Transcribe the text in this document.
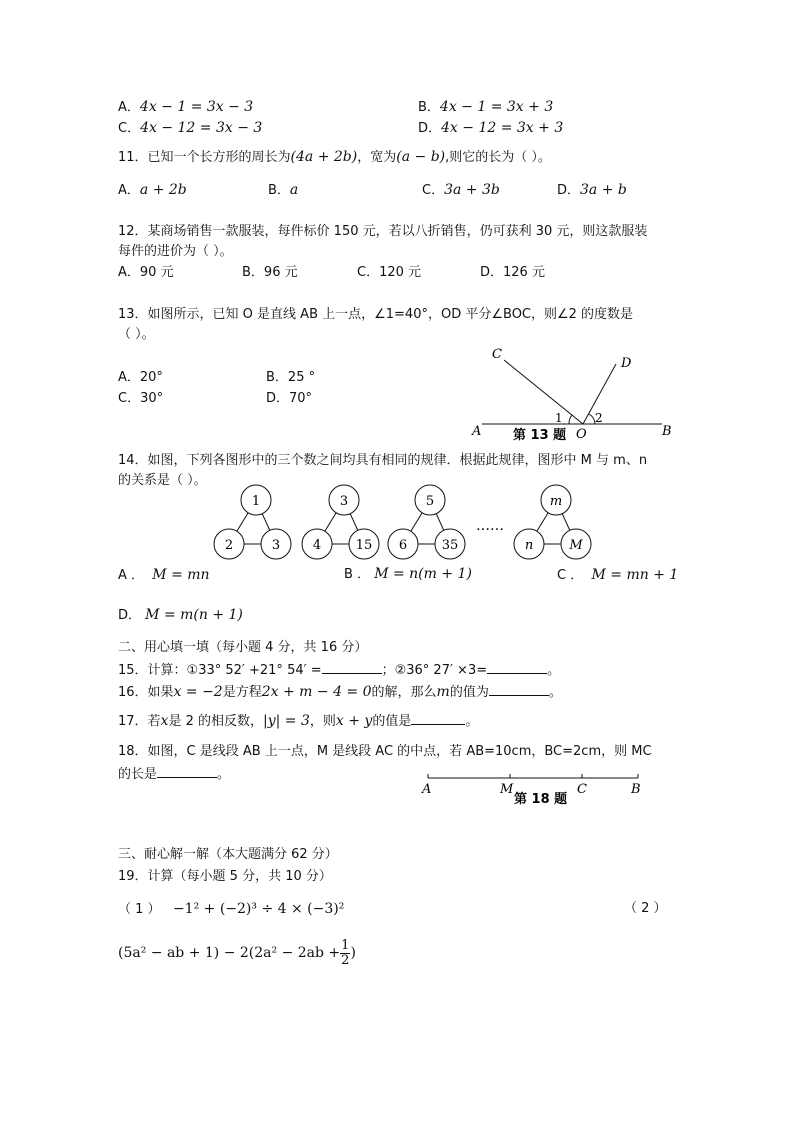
A．4x − 1 = 3x − 3	B．4x − 1 = 3x + 3
C．4x − 12 = 3x − 3	D．4x − 12 = 3x + 3
11．已知一个长方形的周长为(4a + 2b)，宽为(a − b),则它的长为（ ）。
A．a + 2b	B．a	C．3a + 3b	D．3a + b
12．某商场销售一款服装，每件标价 150 元，若以八折销售，仍可获利 30 元，则这款服装
每件的进价为（ ）。
A．90 元	B．96 元	C．120 元	D．126 元
13．如图所示，已知 O 是直线 AB 上一点，∠1=40°，OD 平分∠BOC，则∠2 的度数是
（ ）。
A．20°	B．25 °
C．30°	D．70°
C
D
A	B
O
1	2
第 13 题
14．如图，下列各图形中的三个数之间均具有相同的规律．根据此规律，图形中 M 与 m、n
的关系是（ ）。
1
2	3
3
4	15
5
6	35
m
n	M
……
A ． M = mn	B ． M = n(m + 1)	C ． M = mn + 1
D． M = m(n + 1)
二、用心填一填（每小题 4 分，共 16 分）
15．计算：①33° 52′ +21° 54′ =	；②36° 27′ ×3=	。
16．如果x = −2是方程2x + m − 4 = 0的解，那么m的值为	。
17．若x是 2 的相反数，|y| = 3，则x + y的值是	。
18．如图，C 是线段 AB 上一点，M 是线段 AC 的中点，若 AB=10cm，BC=2cm，则 MC
的长是	。
A	M	C	B
第 18 题
三、耐心解一解（本大题满分 62 分）
19．计算（每小题 5 分，共 10 分）
（ 1 ） −1² + (−2)³ ÷ 4 × (−3)²	（ 2 ）
(5a² − ab + $1) - 2(2a^2 - 2ab + \frac{1}{2}$ )
